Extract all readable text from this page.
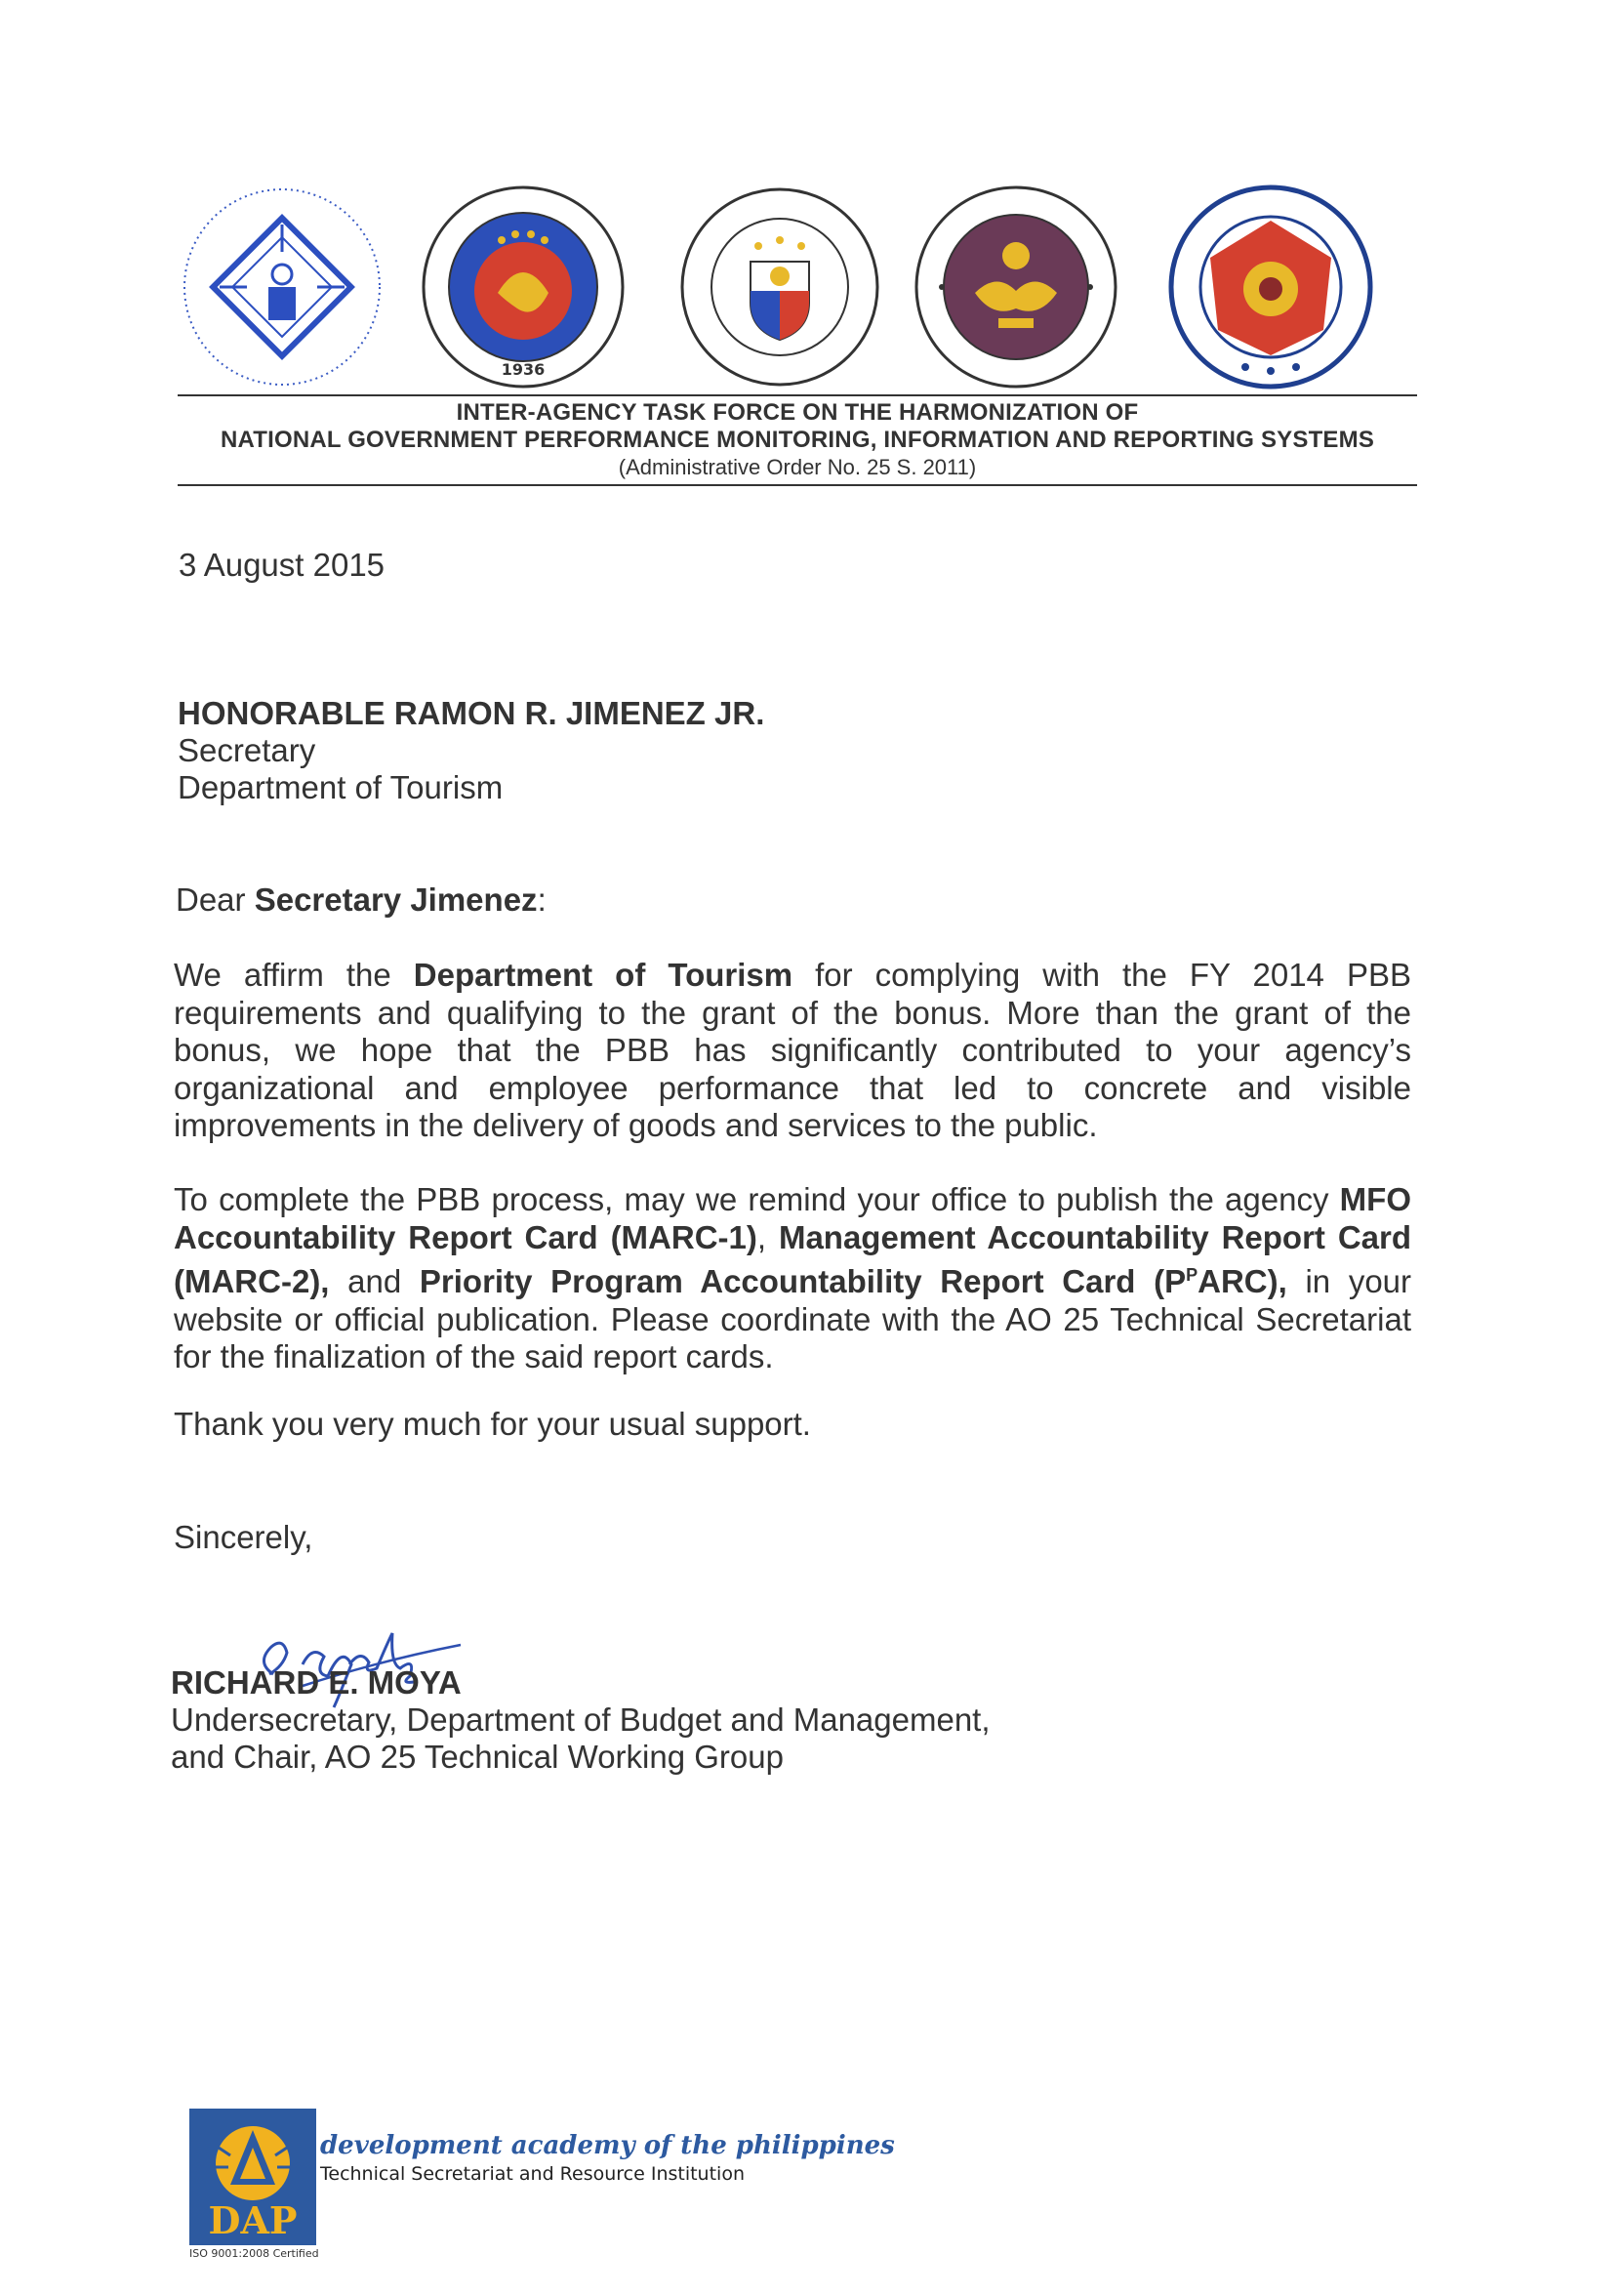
1936
INTER-AGENCY TASK FORCE ON THE HARMONIZATION OF
NATIONAL GOVERNMENT PERFORMANCE MONITORING, INFORMATION AND REPORTING SYSTEMS
(Administrative Order No. 25 S. 2011)
3 August 2015
HONORABLE RAMON R. JIMENEZ JR.
Secretary
Department of Tourism
Dear Secretary Jimenez:
We affirm the Department of Tourism for complying with the FY 2014 PBB requirements and qualifying to the grant of the bonus. More than the grant of the bonus, we hope that the PBB has significantly contributed to your agency’s organizational and employee performance that led to concrete and visible improvements in the delivery of goods and services to the public.
To complete the PBB process, may we remind your office to publish the agency MFO Accountability Report Card (MARC-1), Management Accountability Report Card (MARC-2), and Priority Program Accountability Report Card $(P^PARC)$, in your website or official publication. Please coordinate with the AO 25 Technical Secretariat for the finalization of the said report cards.
Thank you very much for your usual support.
Sincerely,
RICHARD E. MOYA
Undersecretary, Department of Budget and Management,
and Chair, AO 25 Technical Working Group
DAP
development academy of the philippines
Technical Secretariat and Resource Institution
ISO 9001:2008 Certified
